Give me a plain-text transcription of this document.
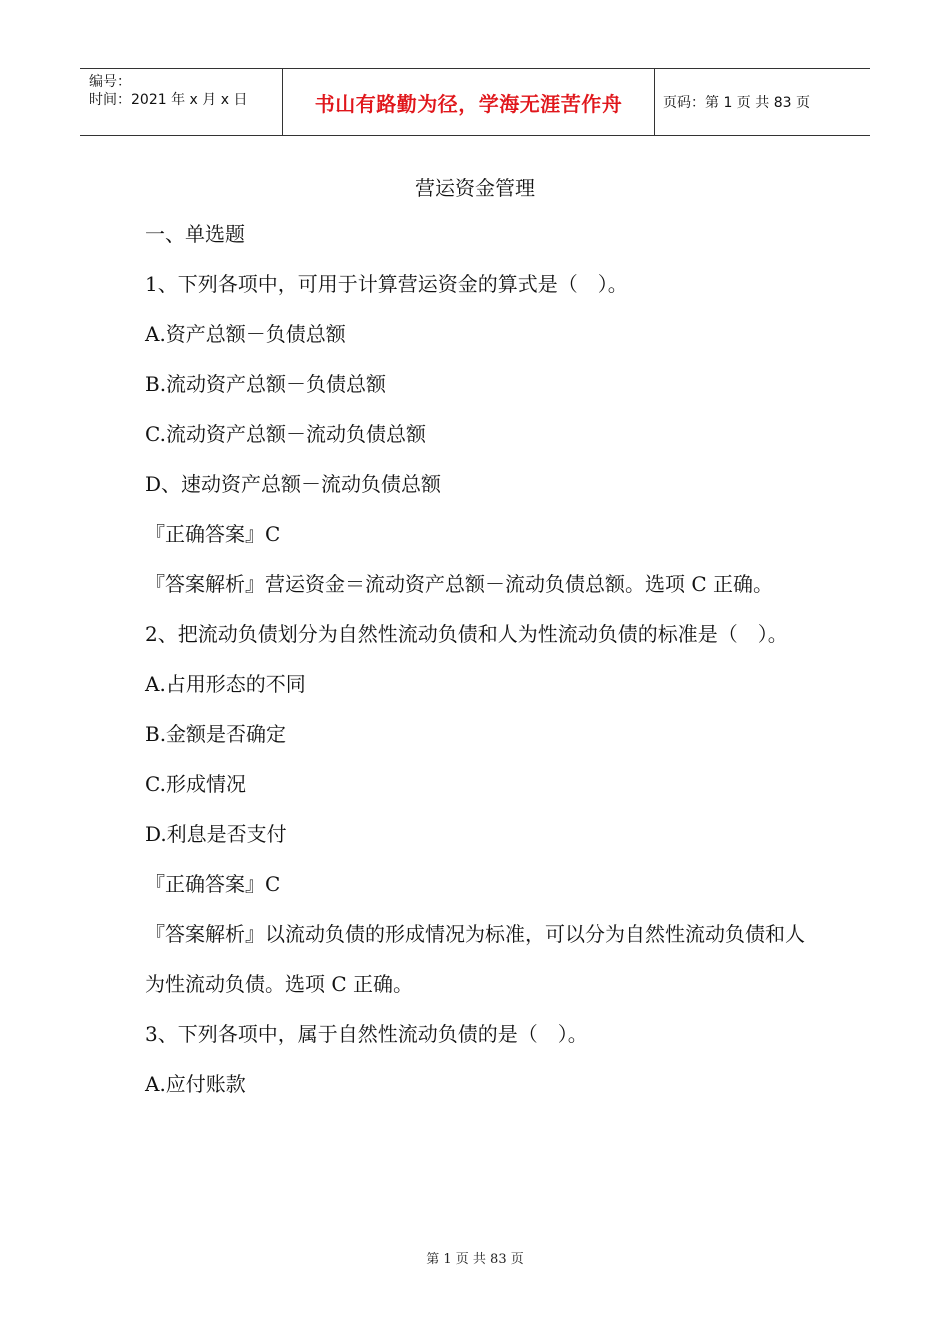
编号：
时间：2021 年 x 月 x 日	书山有路勤为径，学海无涯苦作舟	页码：第 1 页 共 83 页
营运资金管理

一、单选题

1、下列各项中，可用于计算营运资金的算式是（　）。

A.资产总额－负债总额

B.流动资产总额－负债总额

C.流动资产总额－流动负债总额

D、速动资产总额－流动负债总额

『正确答案』C

『答案解析』营运资金＝流动资产总额－流动负债总额。选项 C 正确。

2、把流动负债划分为自然性流动负债和人为性流动负债的标准是（　）。

A.占用形态的不同

B.金额是否确定

C.形成情况

D.利息是否支付

『正确答案』C

『答案解析』以流动负债的形成情况为标准，可以分为自然性流动负债和人为性流动负债。选项 C 正确。

3、下列各项中，属于自然性流动负债的是（　）。

A.应付账款

第 1 页 共 83 页
